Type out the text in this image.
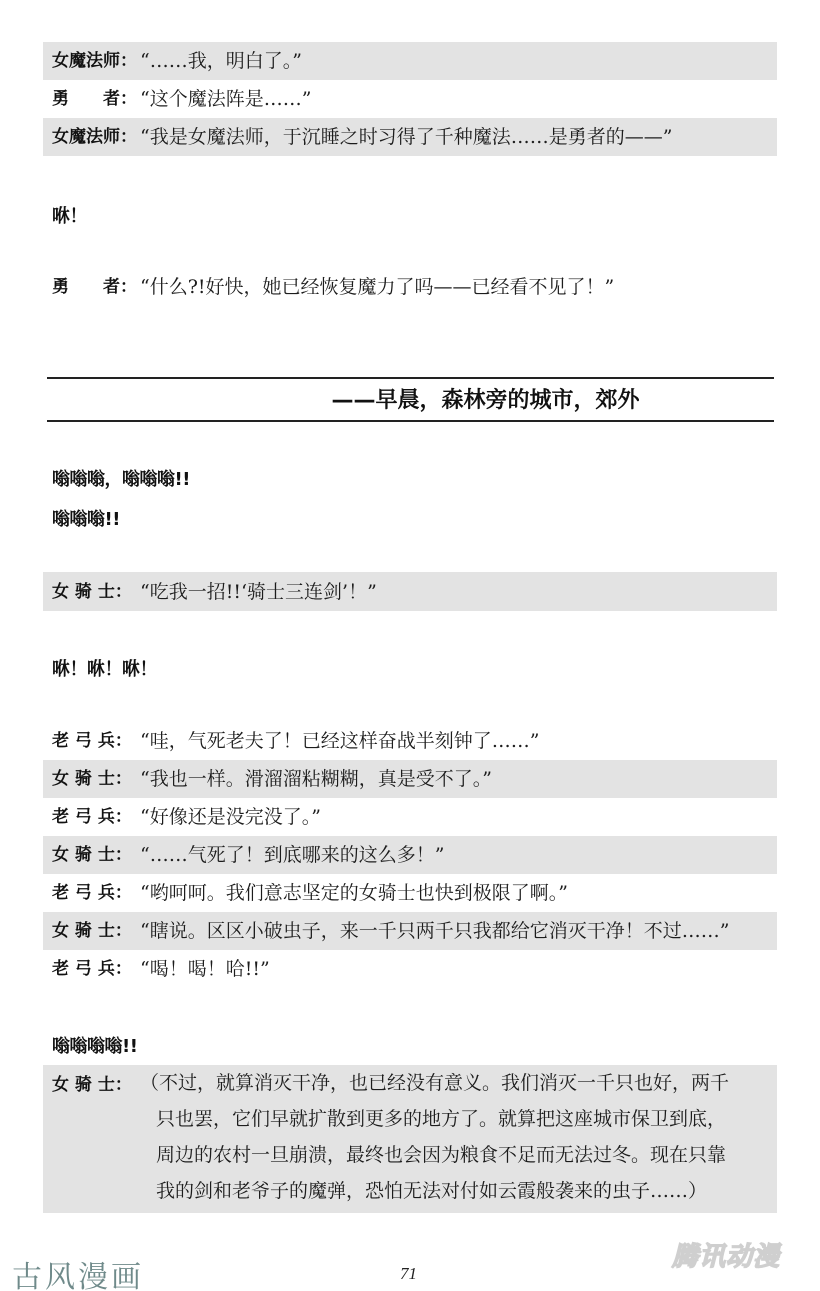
女魔法师： “……我，明白了。”
勇　　者： “这个魔法阵是……”
女魔法师： “我是女魔法师，于沉睡之时习得了千种魔法……是勇者的——”
咻！
勇　　者： “什么?!好快，她已经恢复魔力了吗——已经看不见了！”
——早晨，森林旁的城市，郊外
嗡嗡嗡，嗡嗡嗡!!
嗡嗡嗡!!
女 骑 士： “吃我一招!!‘骑士三连剑’！”
咻！咻！咻！
老 弓 兵： “哇，气死老夫了！已经这样奋战半刻钟了……”
女 骑 士： “我也一样。滑溜溜粘糊糊，真是受不了。”
老 弓 兵： “好像还是没完没了。”
女 骑 士： “……气死了！到底哪来的这么多！”
老 弓 兵： “哟呵呵。我们意志坚定的女骑士也快到极限了啊。”
女 骑 士： “瞎说。区区小破虫子，来一千只两千只我都给它消灭干净！不过……”
老 弓 兵： “喝！喝！哈!!”
嗡嗡嗡嗡!!
女 骑 士： （不过，就算消灭干净，也已经没有意义。我们消灭一千只也好，两千
只也罢，它们早就扩散到更多的地方了。就算把这座城市保卫到底，
周边的农村一旦崩溃，最终也会因为粮食不足而无法过冬。现在只靠
我的剑和老爷子的魔弹，恐怕无法对付如云霞般袭来的虫子……）
古风漫画	71
腾讯动漫
